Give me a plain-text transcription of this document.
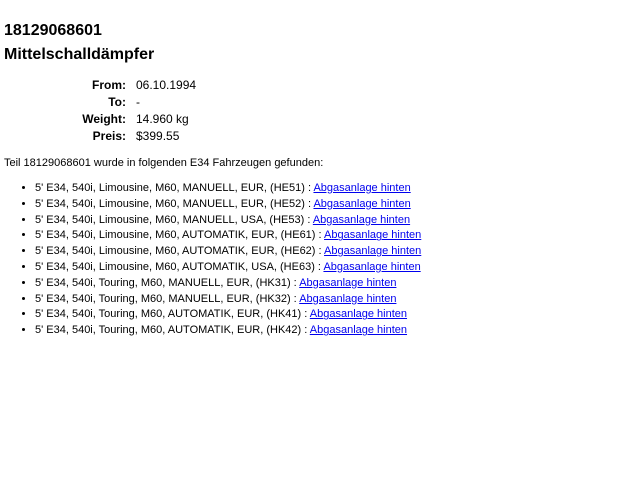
18129068601
Mittelschalldämpfer
From:	06.10.1994
To:	-
Weight:	14.960 kg
Preis:	$399.55
Teil 18129068601 wurde in folgenden E34 Fahrzeugen gefunden:
• 5' E34, 540i, Limousine, M60, MANUELL, EUR, (HE51) : Abgasanlage hinten
• 5' E34, 540i, Limousine, M60, MANUELL, EUR, (HE52) : Abgasanlage hinten
• 5' E34, 540i, Limousine, M60, MANUELL, USA, (HE53) : Abgasanlage hinten
• 5' E34, 540i, Limousine, M60, AUTOMATIK, EUR, (HE61) : Abgasanlage hinten
• 5' E34, 540i, Limousine, M60, AUTOMATIK, EUR, (HE62) : Abgasanlage hinten
• 5' E34, 540i, Limousine, M60, AUTOMATIK, USA, (HE63) : Abgasanlage hinten
• 5' E34, 540i, Touring, M60, MANUELL, EUR, (HK31) : Abgasanlage hinten
• 5' E34, 540i, Touring, M60, MANUELL, EUR, (HK32) : Abgasanlage hinten
• 5' E34, 540i, Touring, M60, AUTOMATIK, EUR, (HK41) : Abgasanlage hinten
• 5' E34, 540i, Touring, M60, AUTOMATIK, EUR, (HK42) : Abgasanlage hinten
